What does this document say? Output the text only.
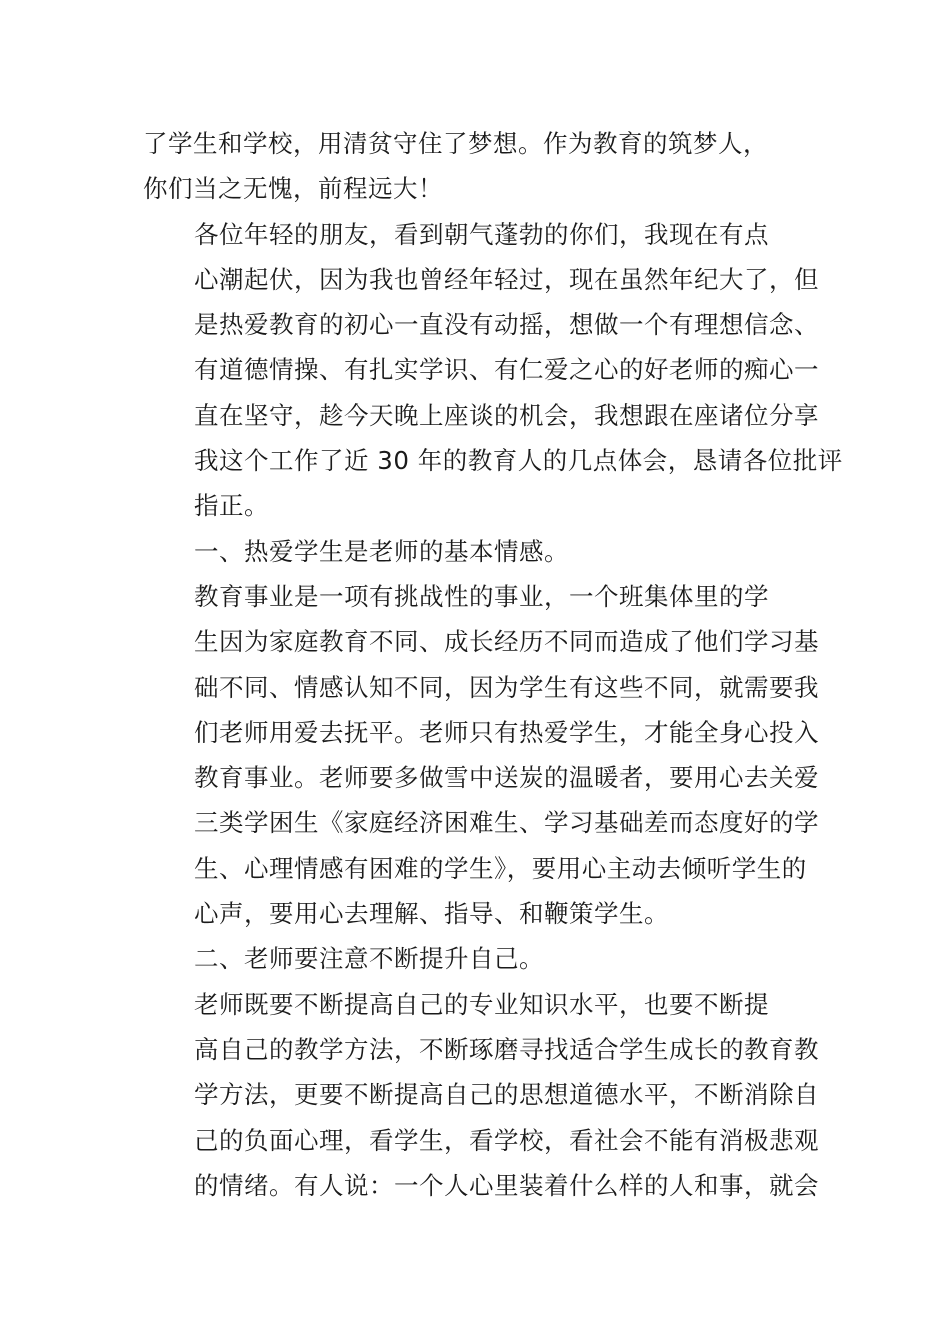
了学生和学校，用清贫守住了梦想。作为教育的筑梦人，
你们当之无愧，前程远大！

各位年轻的朋友，看到朝气蓬勃的你们，我现在有点
心潮起伏，因为我也曾经年轻过，现在虽然年纪大了，但
是热爱教育的初心一直没有动摇，想做一个有理想信念、
有道德情操、有扎实学识、有仁爱之心的好老师的痴心一
直在坚守，趁今天晚上座谈的机会，我想跟在座诸位分享
我这个工作了近 30 年的教育人的几点体会，恳请各位批评
指正。

一、热爱学生是老师的基本情感。

教育事业是一项有挑战性的事业，一个班集体里的学
生因为家庭教育不同、成长经历不同而造成了他们学习基
础不同、情感认知不同，因为学生有这些不同，就需要我
们老师用爱去抚平。老师只有热爱学生，才能全身心投入
教育事业。老师要多做雪中送炭的温暖者，要用心去关爱
三类学困生《家庭经济困难生、学习基础差而态度好的学
生、心理情感有困难的学生》，要用心主动去倾听学生的
心声，要用心去理解、指导、和鞭策学生。

二、老师要注意不断提升自己。

老师既要不断提高自己的专业知识水平，也要不断提
高自己的教学方法，不断琢磨寻找适合学生成长的教育教
学方法，更要不断提高自己的思想道德水平，不断消除自
己的负面心理，看学生，看学校，看社会不能有消极悲观
的情绪。有人说：一个人心里装着什么样的人和事，就会
